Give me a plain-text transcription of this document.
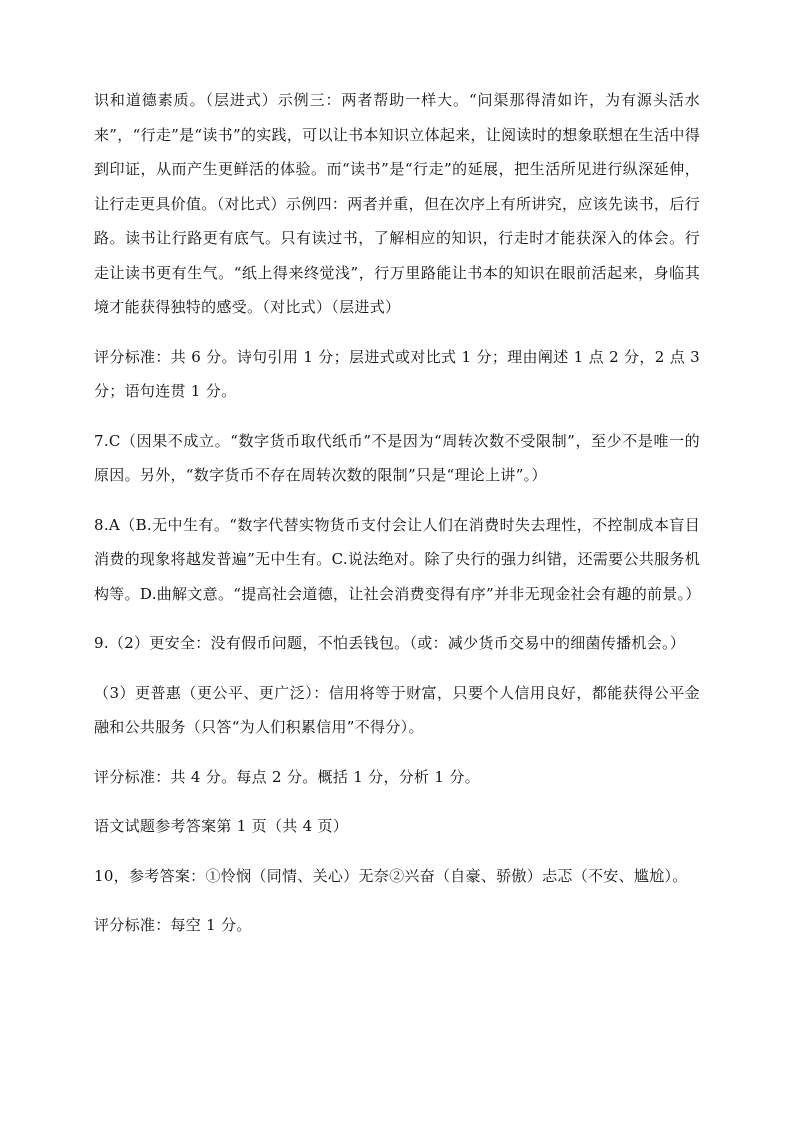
识和道德素质。（层进式）示例三：两者帮助一样大。“问渠那得清如许，为有源头活水来”，“行走”是“读书”的实践，可以让书本知识立体起来，让阅读时的想象联想在生活中得到印证，从而产生更鲜活的体验。而“读书”是“行走”的延展，把生活所见进行纵深延伸，让行走更具价值。（对比式）示例四：两者并重，但在次序上有所讲究，应该先读书，后行路。读书让行路更有底气。只有读过书，了解相应的知识，行走时才能获深入的体会。行走让读书更有生气。“纸上得来终觉浅”，行万里路能让书本的知识在眼前活起来，身临其境才能获得独特的感受。（对比式）（层进式）

评分标准：共 6 分。诗句引用 1 分；层进式或对比式 1 分；理由阐述 1 点 2 分，2 点 3 分；语句连贯 1 分。

7.C（因果不成立。“数字货币取代纸币”不是因为“周转次数不受限制”，至少不是唯一的原因。另外，“数字货币不存在周转次数的限制”只是“理论上讲”。）

8.A（B.无中生有。“数字代替实物货币支付会让人们在消费时失去理性，不控制成本盲目消费的现象将越发普遍”无中生有。C.说法绝对。除了央行的强力纠错，还需要公共服务机构等。D.曲解文意。“提高社会道德，让社会消费变得有序”并非无现金社会有趣的前景。）

9.（2）更安全：没有假币问题，不怕丢钱包。（或：减少货币交易中的细菌传播机会。）

（3）更普惠（更公平、更广泛）：信用将等于财富，只要个人信用良好，都能获得公平金融和公共服务（只答“为人们积累信用”不得分）。

评分标准：共 4 分。每点 2 分。概括 1 分，分析 1 分。

语文试题参考答案第 1 页（共 4 页）

10，参考答案：①怜悯（同情、关心）无奈②兴奋（自豪、骄傲）忐忑（不安、尴尬）。

评分标准：每空 1 分。
